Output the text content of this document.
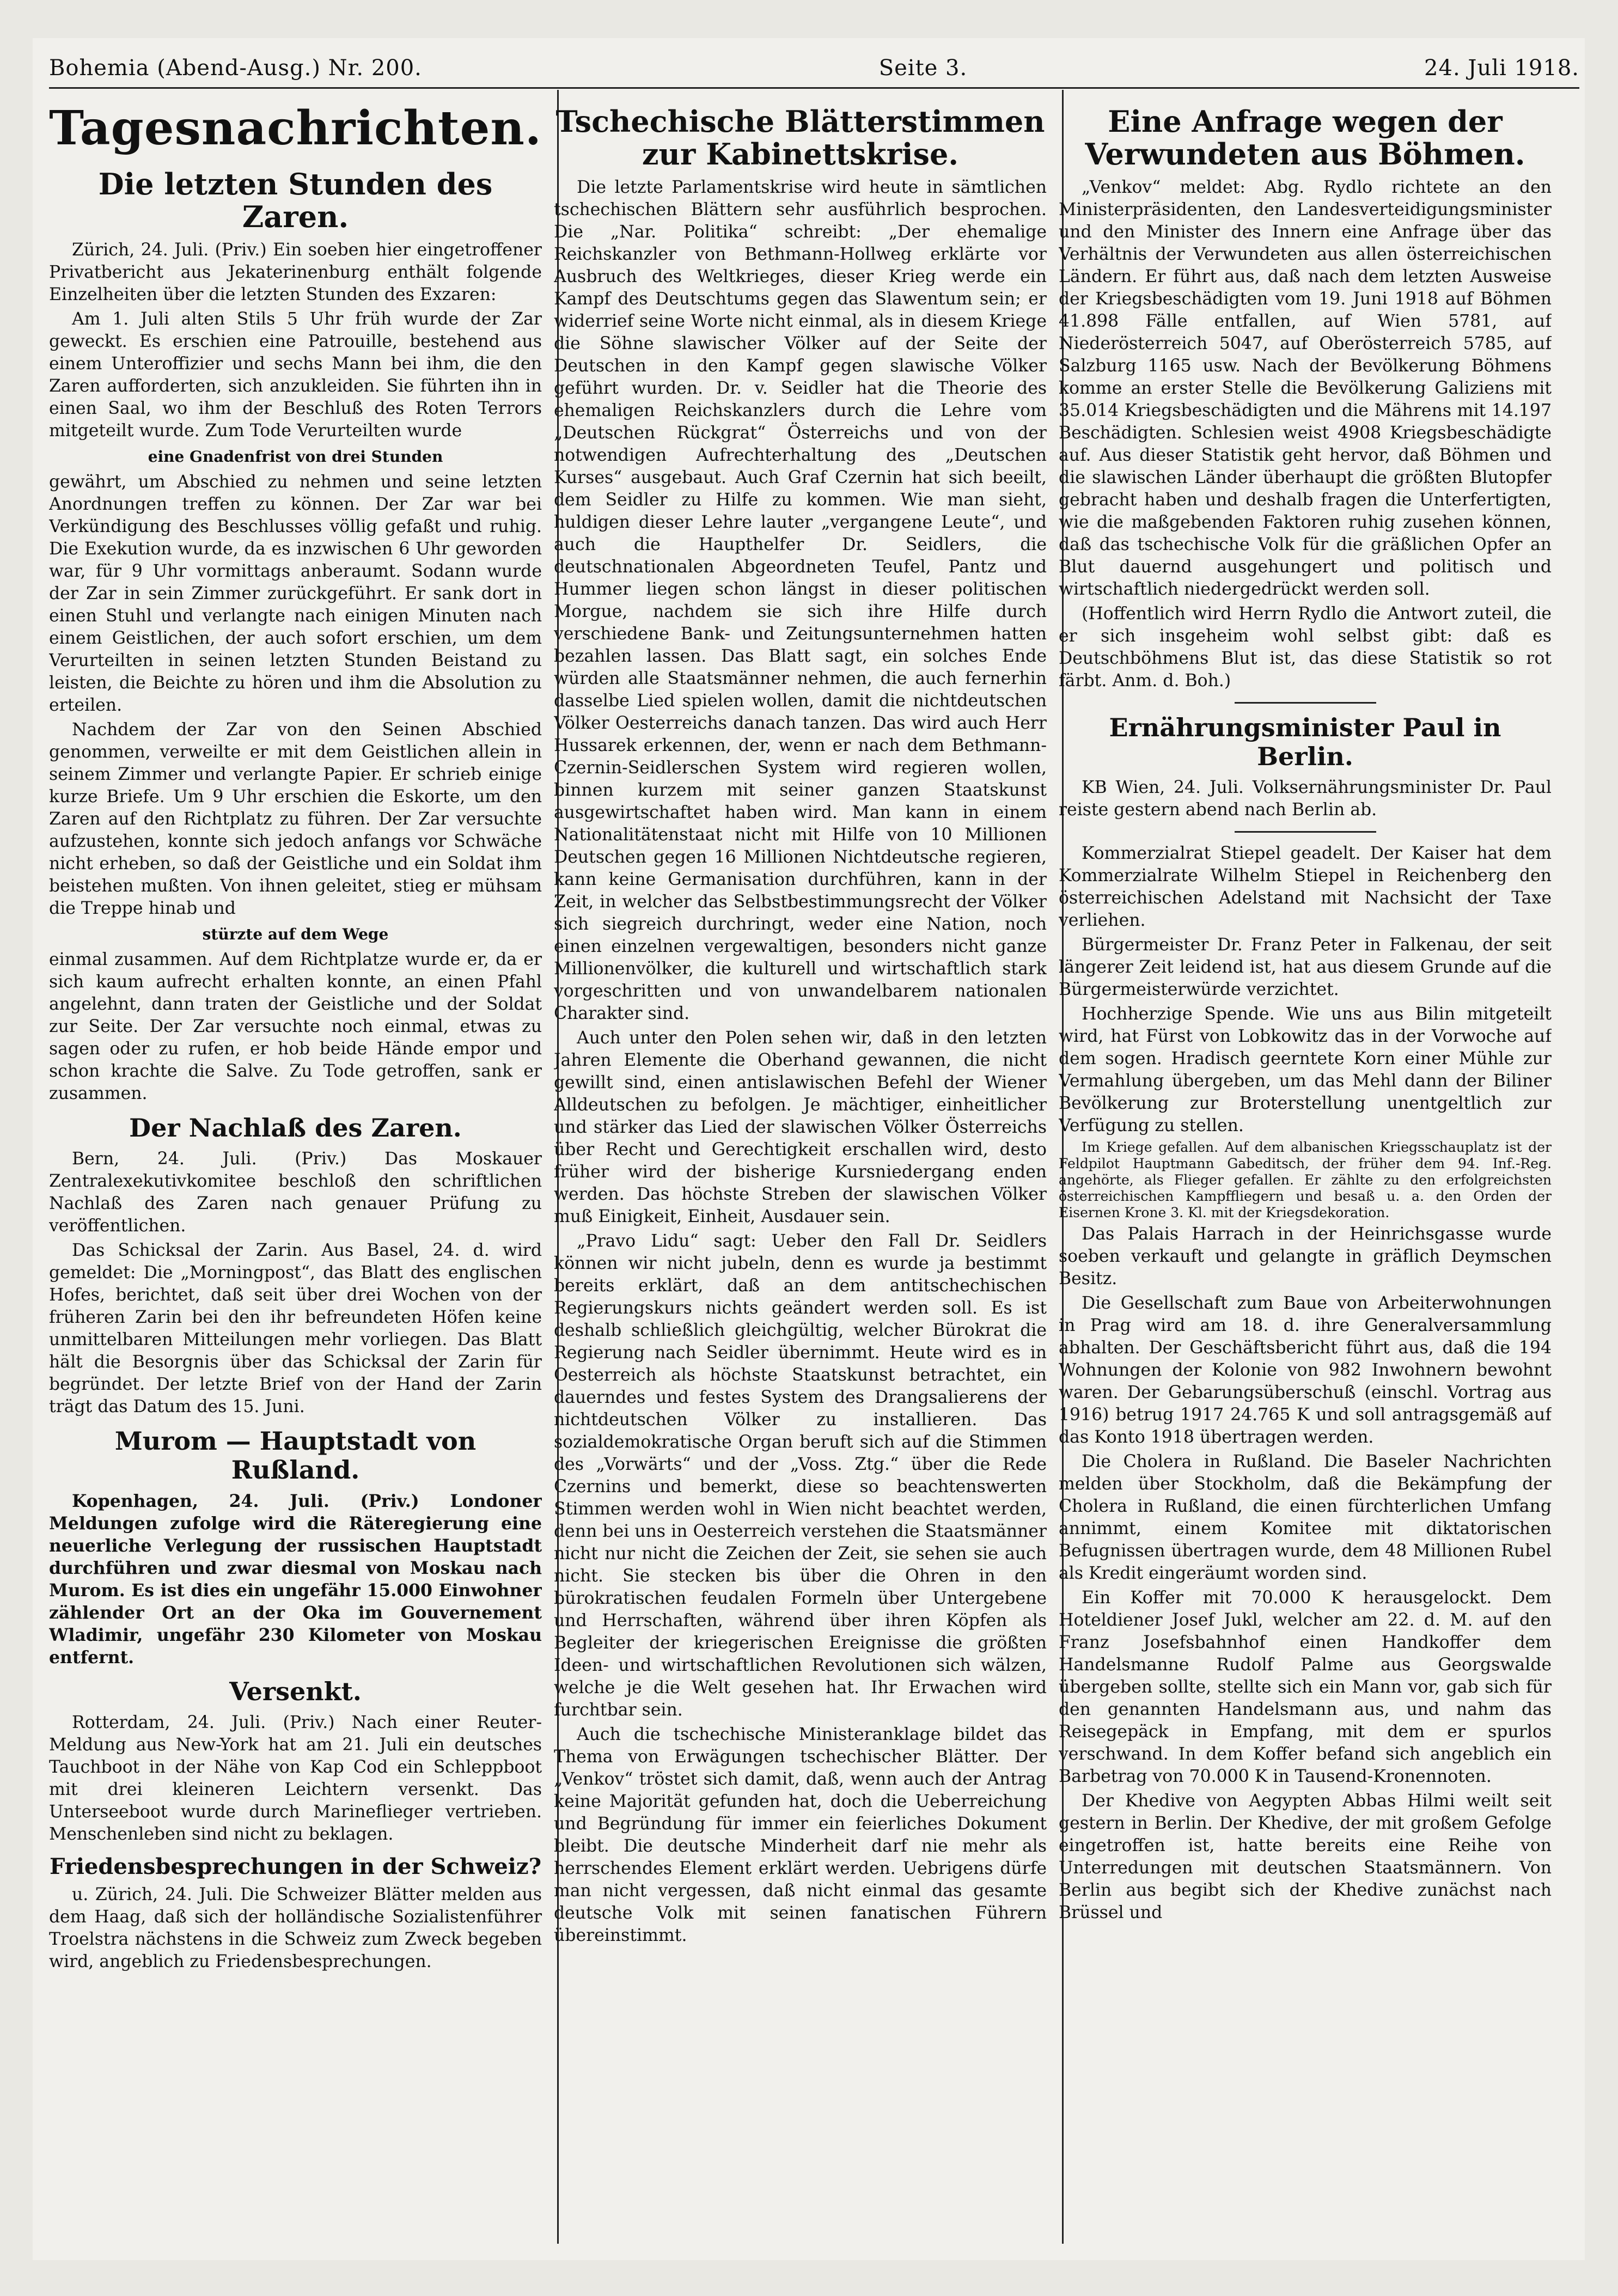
Bohemia (Abend-Ausg.) Nr. 200.	Seite 3.	24. Juli 1918.
Tagesnachrichten.
Die letzten Stunden des Zaren.

Zürich, 24. Juli. (Priv.) Ein soeben hier eingetroffener Privatbericht aus Jekaterinenburg enthält folgende Einzelheiten über die letzten Stunden des Exzaren:

Am 1. Juli alten Stils 5 Uhr früh wurde der Zar geweckt. Es erschien eine Patrouille, bestehend aus einem Unteroffizier und sechs Mann bei ihm, die den Zaren aufforderten, sich anzukleiden. Sie führten ihn in einen Saal, wo ihm der Beschluß des Roten Terrors mitgeteilt wurde. Zum Tode Verurteilten wurde

eine Gnadenfrist von drei Stunden

gewährt, um Abschied zu nehmen und seine letzten Anordnungen treffen zu können. Der Zar war bei Verkündigung des Beschlusses völlig gefaßt und ruhig. Die Exekution wurde, da es inzwischen 6 Uhr geworden war, für 9 Uhr vormittags anberaumt. Sodann wurde der Zar in sein Zimmer zurückgeführt. Er sank dort in einen Stuhl und verlangte nach einigen Minuten nach einem Geistlichen, der auch sofort erschien, um dem Verurteilten in seinen letzten Stunden Beistand zu leisten, die Beichte zu hören und ihm die Absolution zu erteilen.

Nachdem der Zar von den Seinen Abschied genommen, verweilte er mit dem Geistlichen allein in seinem Zimmer und verlangte Papier. Er schrieb einige kurze Briefe. Um 9 Uhr erschien die Eskorte, um den Zaren auf den Richtplatz zu führen. Der Zar versuchte aufzustehen, konnte sich jedoch anfangs vor Schwäche nicht erheben, so daß der Geistliche und ein Soldat ihm beistehen mußten. Von ihnen geleitet, stieg er mühsam die Treppe hinab und

stürzte auf dem Wege

einmal zusammen. Auf dem Richtplatze wurde er, da er sich kaum aufrecht erhalten konnte, an einen Pfahl angelehnt, dann traten der Geistliche und der Soldat zur Seite. Der Zar versuchte noch einmal, etwas zu sagen oder zu rufen, er hob beide Hände empor und schon krachte die Salve. Zu Tode getroffen, sank er zusammen.

Der Nachlaß des Zaren.

Bern, 24. Juli. (Priv.) Das Moskauer Zentralexekutivkomitee beschloß den schriftlichen Nachlaß des Zaren nach genauer Prüfung zu veröffentlichen.

Das Schicksal der Zarin. Aus Basel, 24. d. wird gemeldet: Die „Morningpost“, das Blatt des englischen Hofes, berichtet, daß seit über drei Wochen von der früheren Zarin bei den ihr befreundeten Höfen keine unmittelbaren Mitteilungen mehr vorliegen. Das Blatt hält die Besorgnis über das Schicksal der Zarin für begründet. Der letzte Brief von der Hand der Zarin trägt das Datum des 15. Juni.

Murom — Hauptstadt von Rußland.

Kopenhagen, 24. Juli. (Priv.) Londoner Meldungen zufolge wird die Räteregierung eine neuerliche Verlegung der russischen Hauptstadt durchführen und zwar diesmal von Moskau nach Murom. Es ist dies ein ungefähr 15.000 Einwohner zählender Ort an der Oka im Gouvernement Wladimir, ungefähr 230 Kilometer von Moskau entfernt.

Versenkt.

Rotterdam, 24. Juli. (Priv.) Nach einer Reuter-Meldung aus New-York hat am 21. Juli ein deutsches Tauchboot in der Nähe von Kap Cod ein Schleppboot mit drei kleineren Leichtern versenkt. Das Unterseeboot wurde durch Marineflieger vertrieben. Menschenleben sind nicht zu beklagen.

Friedensbesprechungen in der Schweiz?

u. Zürich, 24. Juli. Die Schweizer Blätter melden aus dem Haag, daß sich der holländische Sozialistenführer Troelstra nächstens in die Schweiz zum Zweck begeben wird, angeblich zu Friedensbesprechungen.

Tschechische Blätterstimmen zur Kabinettskrise.

Die letzte Parlamentskrise wird heute in sämtlichen tschechischen Blättern sehr ausführlich besprochen. Die „Nar. Politika“ schreibt: „Der ehemalige Reichskanzler von Bethmann-Hollweg erklärte vor Ausbruch des Weltkrieges, dieser Krieg werde ein Kampf des Deutschtums gegen das Slawentum sein; er widerrief seine Worte nicht einmal, als in diesem Kriege die Söhne slawischer Völker auf der Seite der Deutschen in den Kampf gegen slawische Völker geführt wurden. Dr. v. Seidler hat die Theorie des ehemaligen Reichskanzlers durch die Lehre vom „Deutschen Rückgrat“ Österreichs und von der notwendigen Aufrechterhaltung des „Deutschen Kurses“ ausgebaut. Auch Graf Czernin hat sich beeilt, dem Seidler zu Hilfe zu kommen. Wie man sieht, huldigen dieser Lehre lauter „vergangene Leute“, und auch die Haupthelfer Dr. Seidlers, die deutschnationalen Abgeordneten Teufel, Pantz und Hummer liegen schon längst in dieser politischen Morgue, nachdem sie sich ihre Hilfe durch verschiedene Bank- und Zeitungsunternehmen hatten bezahlen lassen. Das Blatt sagt, ein solches Ende würden alle Staatsmänner nehmen, die auch fernerhin dasselbe Lied spielen wollen, damit die nichtdeutschen Völker Oesterreichs danach tanzen. Das wird auch Herr Hussarek erkennen, der, wenn er nach dem Bethmann-Czernin-Seidlerschen System wird regieren wollen, binnen kurzem mit seiner ganzen Staatskunst ausgewirtschaftet haben wird. Man kann in einem Nationalitätenstaat nicht mit Hilfe von 10 Millionen Deutschen gegen 16 Millionen Nichtdeutsche regieren, kann keine Germanisation durchführen, kann in der Zeit, in welcher das Selbstbestimmungsrecht der Völker sich siegreich durchringt, weder eine Nation, noch einen einzelnen vergewaltigen, besonders nicht ganze Millionenvölker, die kulturell und wirtschaftlich stark vorgeschritten und von unwandelbarem nationalen Charakter sind.

Auch unter den Polen sehen wir, daß in den letzten Jahren Elemente die Oberhand gewannen, die nicht gewillt sind, einen antislawischen Befehl der Wiener Alldeutschen zu befolgen. Je mächtiger, einheitlicher und stärker das Lied der slawischen Völker Österreichs über Recht und Gerechtigkeit erschallen wird, desto früher wird der bisherige Kursniedergang enden werden. Das höchste Streben der slawischen Völker muß Einigkeit, Einheit, Ausdauer sein.

„Pravo Lidu“ sagt: Ueber den Fall Dr. Seidlers können wir nicht jubeln, denn es wurde ja bestimmt bereits erklärt, daß an dem antitschechischen Regierungskurs nichts geändert werden soll. Es ist deshalb schließlich gleichgültig, welcher Bürokrat die Regierung nach Seidler übernimmt. Heute wird es in Oesterreich als höchste Staatskunst betrachtet, ein dauerndes und festes System des Drangsalierens der nichtdeutschen Völker zu installieren. Das sozialdemokratische Organ beruft sich auf die Stimmen des „Vorwärts“ und der „Voss. Ztg.“ über die Rede Czernins und bemerkt, diese so beachtenswerten Stimmen werden wohl in Wien nicht beachtet werden, denn bei uns in Oesterreich verstehen die Staatsmänner nicht nur nicht die Zeichen der Zeit, sie sehen sie auch nicht. Sie stecken bis über die Ohren in den bürokratischen feudalen Formeln über Untergebene und Herrschaften, während über ihren Köpfen als Begleiter der kriegerischen Ereignisse die größten Ideen- und wirtschaftlichen Revolutionen sich wälzen, welche je die Welt gesehen hat. Ihr Erwachen wird furchtbar sein.

Auch die tschechische Ministeranklage bildet das Thema von Erwägungen tschechischer Blätter. Der „Venkov“ tröstet sich damit, daß, wenn auch der Antrag keine Majorität gefunden hat, doch die Ueberreichung und Begründung für immer ein feierliches Dokument bleibt. Die deutsche Minderheit darf nie mehr als herrschendes Element erklärt werden. Uebrigens dürfe man nicht vergessen, daß nicht einmal das gesamte deutsche Volk mit seinen fanatischen Führern übereinstimmt.

Eine Anfrage wegen der Verwundeten aus Böhmen.

„Venkov“ meldet: Abg. Rydlo richtete an den Ministerpräsidenten, den Landesverteidigungsminister und den Minister des Innern eine Anfrage über das Verhältnis der Verwundeten aus allen österreichischen Ländern. Er führt aus, daß nach dem letzten Ausweise der Kriegsbeschädigten vom 19. Juni 1918 auf Böhmen 41.898 Fälle entfallen, auf Wien 5781, auf Niederösterreich 5047, auf Oberösterreich 5785, auf Salzburg 1165 usw. Nach der Bevölkerung Böhmens komme an erster Stelle die Bevölkerung Galiziens mit 35.014 Kriegsbeschädigten und die Mährens mit 14.197 Beschädigten. Schlesien weist 4908 Kriegsbeschädigte auf. Aus dieser Statistik geht hervor, daß Böhmen und die slawischen Länder überhaupt die größten Blutopfer gebracht haben und deshalb fragen die Unterfertigten, wie die maßgebenden Faktoren ruhig zusehen können, daß das tschechische Volk für die gräßlichen Opfer an Blut dauernd ausgehungert und politisch und wirtschaftlich niedergedrückt werden soll.

(Hoffentlich wird Herrn Rydlo die Antwort zuteil, die er sich insgeheim wohl selbst gibt: daß es Deutschböhmens Blut ist, das diese Statistik so rot färbt. Anm. d. Boh.)

Ernährungsminister Paul in Berlin.

KB Wien, 24. Juli. Volksernährungsminister Dr. Paul reiste gestern abend nach Berlin ab.

Kommerzialrat Stiepel geadelt. Der Kaiser hat dem Kommerzialrate Wilhelm Stiepel in Reichenberg den österreichischen Adelstand mit Nachsicht der Taxe verliehen.

Bürgermeister Dr. Franz Peter in Falkenau, der seit längerer Zeit leidend ist, hat aus diesem Grunde auf die Bürgermeisterwürde verzichtet.

Hochherzige Spende. Wie uns aus Bilin mitgeteilt wird, hat Fürst von Lobkowitz das in der Vorwoche auf dem sogen. Hradisch geerntete Korn einer Mühle zur Vermahlung übergeben, um das Mehl dann der Biliner Bevölkerung zur Broterstellung unentgeltlich zur Verfügung zu stellen.

Im Kriege gefallen. Auf dem albanischen Kriegsschauplatz ist der Feldpilot Hauptmann Gabeditsch, der früher dem 94. Inf.-Reg. angehörte, als Flieger gefallen. Er zählte zu den erfolgreichsten österreichischen Kampffliegern und besaß u. a. den Orden der Eisernen Krone 3. Kl. mit der Kriegsdekoration.

Das Palais Harrach in der Heinrichsgasse wurde soeben verkauft und gelangte in gräflich Deymschen Besitz.

Die Gesellschaft zum Baue von Arbeiterwohnungen in Prag wird am 18. d. ihre Generalversammlung abhalten. Der Geschäftsbericht führt aus, daß die 194 Wohnungen der Kolonie von 982 Inwohnern bewohnt waren. Der Gebarungsüberschuß (einschl. Vortrag aus 1916) betrug 1917 24.765 K und soll antragsgemäß auf das Konto 1918 übertragen werden.

Die Cholera in Rußland. Die Baseler Nachrichten melden über Stockholm, daß die Bekämpfung der Cholera in Rußland, die einen fürchterlichen Umfang annimmt, einem Komitee mit diktatorischen Befugnissen übertragen wurde, dem 48 Millionen Rubel als Kredit eingeräumt worden sind.

Ein Koffer mit 70.000 K herausgelockt. Dem Hoteldiener Josef Jukl, welcher am 22. d. M. auf den Franz Josefsbahnhof einen Handkoffer dem Handelsmanne Rudolf Palme aus Georgswalde übergeben sollte, stellte sich ein Mann vor, gab sich für den genannten Handelsmann aus, und nahm das Reisegepäck in Empfang, mit dem er spurlos verschwand. In dem Koffer befand sich angeblich ein Barbetrag von 70.000 K in Tausend-Kronennoten.

Der Khedive von Aegypten Abbas Hilmi weilt seit gestern in Berlin. Der Khedive, der mit großem Gefolge eingetroffen ist, hatte bereits eine Reihe von Unterredungen mit deutschen Staatsmännern. Von Berlin aus begibt sich der Khedive zunächst nach Brüssel und
